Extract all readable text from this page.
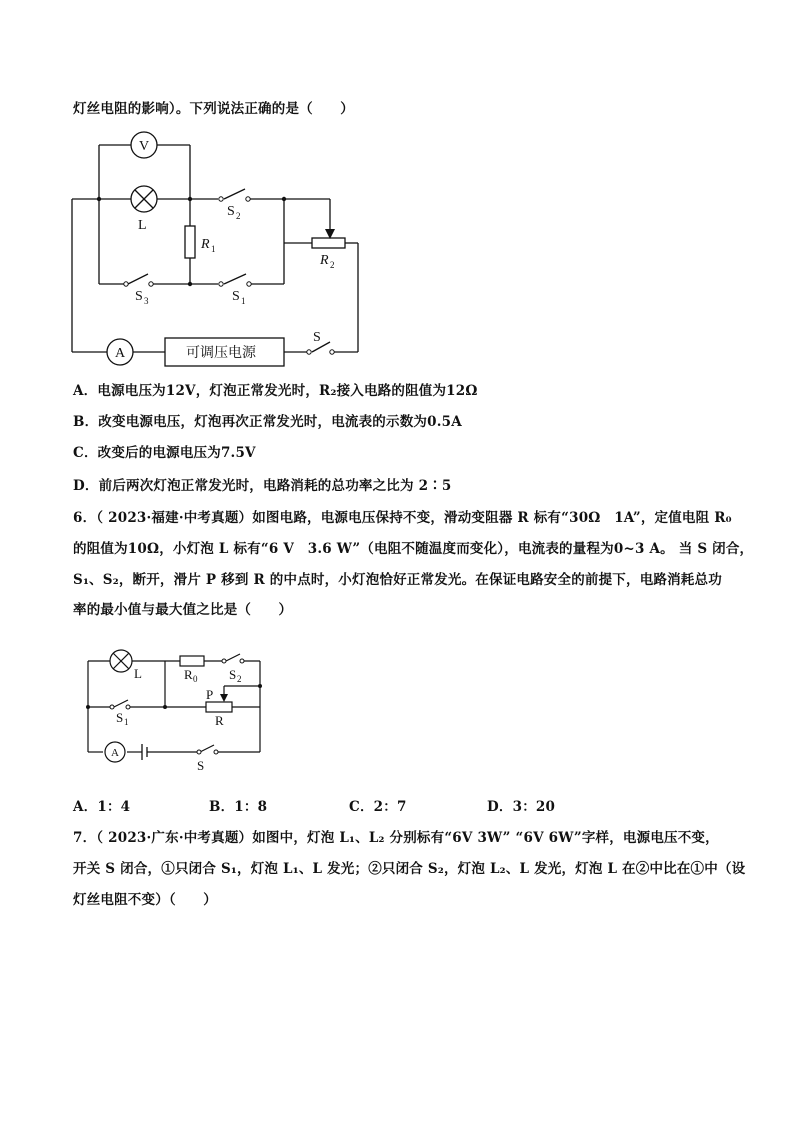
灯丝电阻的影响）。下列说法正确的是（　　）
V
L
R 1
S 2
S 3	S 1
R 2
A	可调压电源
S
A．电源电压为12V，灯泡正常发光时，R₂接入电路的阻值为12Ω
B．改变电源电压，灯泡再次正常发光时，电流表的示数为0.5A
C．改变后的电源电压为7.5V
D．前后两次灯泡正常发光时，电路消耗的总功率之比为 2∶5
6．（ 2023·福建·中考真题）如图电路，电源电压保持不变，滑动变阻器 R 标有“30Ω　1A”，定值电阻 R₀
的阻值为10Ω，小灯泡 L 标有“6 V　3.6 W”（电阻不随温度而变化），电流表的量程为0~3 A。 当 S 闭合，
S₁、S₂，断开，滑片 P 移到 R 的中点时，小灯泡恰好正常发光。在保证电路安全的前提下，电路消耗总功
率的最小值与最大值之比是（　　）
L	R 0 S 2
P
R
S 1
A
S
A．1：4	B．1：8	C．2：7	D．3：20
7．（ 2023·广东·中考真题）如图中，灯泡 L₁、L₂ 分别标有“6V 3W” “6V 6W”字样，电源电压不变，
开关 S 闭合，①只闭合 S₁，灯泡 L₁、L 发光；②只闭合 S₂，灯泡 L₂、L 发光，灯泡 L 在②中比在①中（设
灯丝电阻不变）（　　）
